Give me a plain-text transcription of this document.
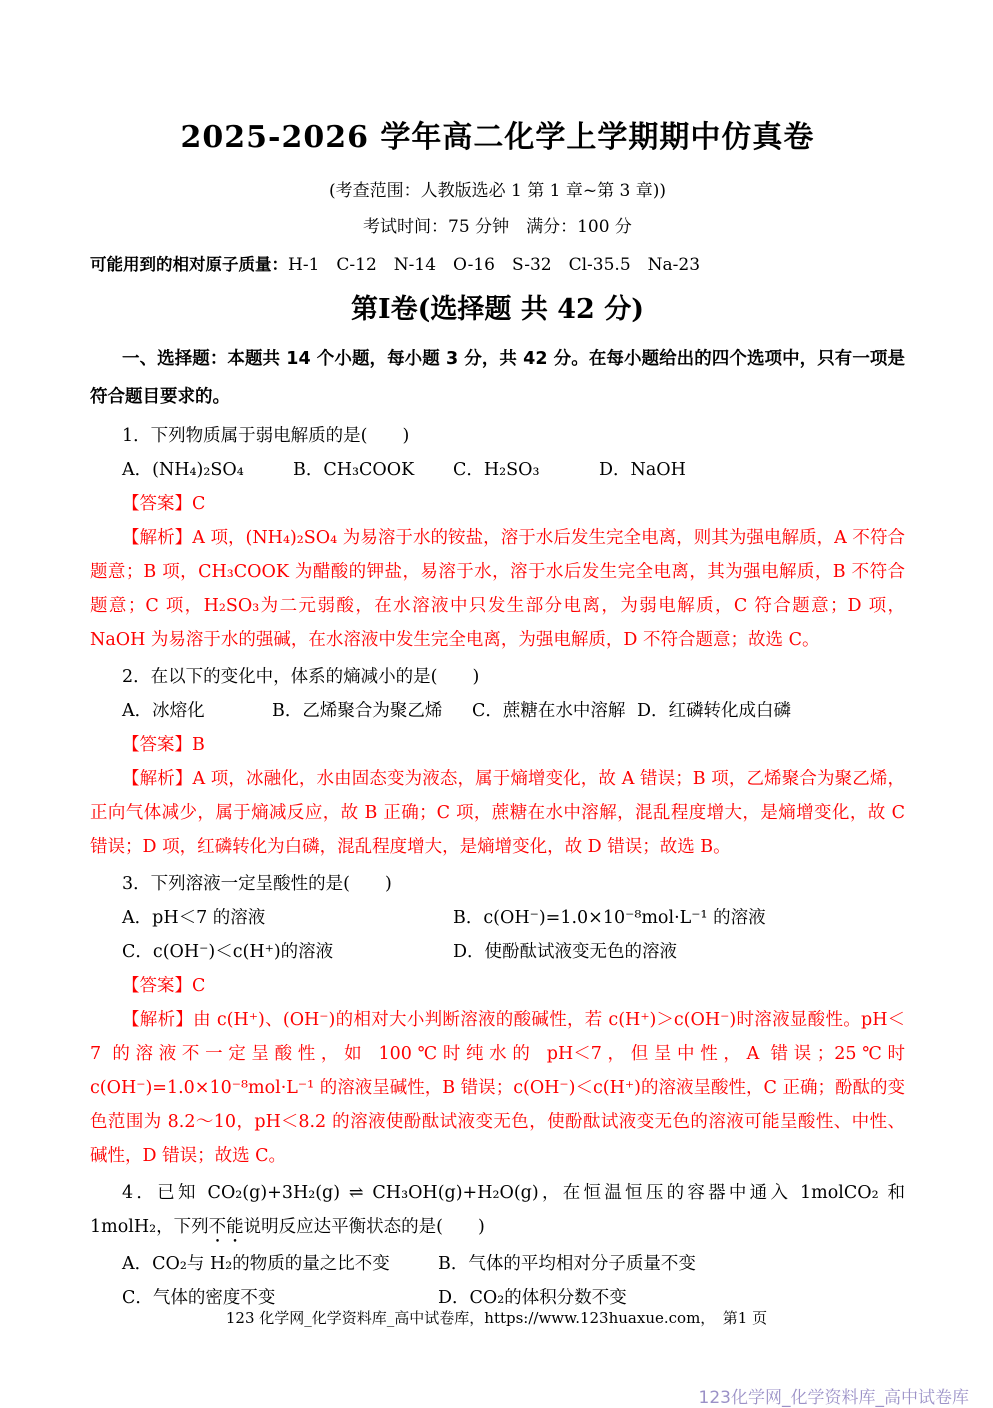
2025-2026 学年高二化学上学期期中仿真卷

(考查范围：人教版选必 1 第 1 章~第 3 章))

考试时间：75 分钟　满分：100 分

可能用到的相对原子质量：H-1　C-12　N-14　O-16　S-32　Cl-35.5　Na-23

第Ⅰ卷(选择题 共 42 分)

一、选择题：本题共 14 个小题，每小题 3 分，共 42 分。在每小题给出的四个选项中，只有一项是符合题目要求的。

1．下列物质属于弱电解质的是(　　)

A．(NH₄)₂SO₄	B．CH₃COOK	C．H₂SO₃	D．NaOH

【答案】C

【解析】A 项，(NH₄)₂SO₄ 为易溶于水的铵盐，溶于水后发生完全电离，则其为强电解质，A 不符合题意；B 项，CH₃COOK 为醋酸的钾盐，易溶于水，溶于水后发生完全电离，其为强电解质，B 不符合题意；C 项，H₂SO₃为二元弱酸，在水溶液中只发生部分电离，为弱电解质，C 符合题意；D 项，NaOH 为易溶于水的强碱，在水溶液中发生完全电离，为强电解质，D 不符合题意；故选 C。

2．在以下的变化中，体系的熵减小的是(　　)

A．冰熔化	B．乙烯聚合为聚乙烯	C．蔗糖在水中溶解 D．红磷转化成白磷

【答案】B

【解析】A 项，冰融化，水由固态变为液态，属于熵增变化，故 A 错误；B 项，乙烯聚合为聚乙烯，正向气体减少，属于熵减反应，故 B 正确；C 项，蔗糖在水中溶解，混乱程度增大，是熵增变化，故 C 错误；D 项，红磷转化为白磷，混乱程度增大，是熵增变化，故 D 错误；故选 B。

3．下列溶液一定呈酸性的是(　　)

A．pH＜7 的溶液	B．c(OH⁻)=1.0×10⁻⁸mol·L⁻¹ 的溶液
C．c(OH⁻)＜c(H⁺)的溶液	D．使酚酞试液变无色的溶液

【答案】C

【解析】由 c(H⁺)、(OH⁻)的相对大小判断溶液的酸碱性，若 c(H⁺)＞c(OH⁻)时溶液显酸性。pH＜7 的溶液不一定呈酸性，如 100℃时纯水的 pH＜7，但呈中性，A 错误；25℃时 c(OH⁻)=1.0×10⁻⁸mol·L⁻¹ 的溶液呈碱性，B 错误；c(OH⁻)＜c(H⁺)的溶液呈酸性，C 正确；酚酞的变色范围为 8.2～10，pH＜8.2 的溶液使酚酞试液变无色，使酚酞试液变无色的溶液可能呈酸性、中性、碱性，D 错误；故选 C。

4．已知 CO₂(g)+3H₂(g) ⇌ CH₃OH(g)+H₂O(g)，在恒温恒压的容器中通入 1molCO₂ 和 1molH₂，下列不能说明反应达平衡状态的是(　　)

A．CO₂与 H₂的物质的量之比不变	B．气体的平均相对分子质量不变
C．气体的密度不变	D．CO₂的体积分数不变

123 化学网_化学资料库_高中试卷库，https://www.123huaxue.com，　第1 页

123化学网_化学资料库_高中试卷库
